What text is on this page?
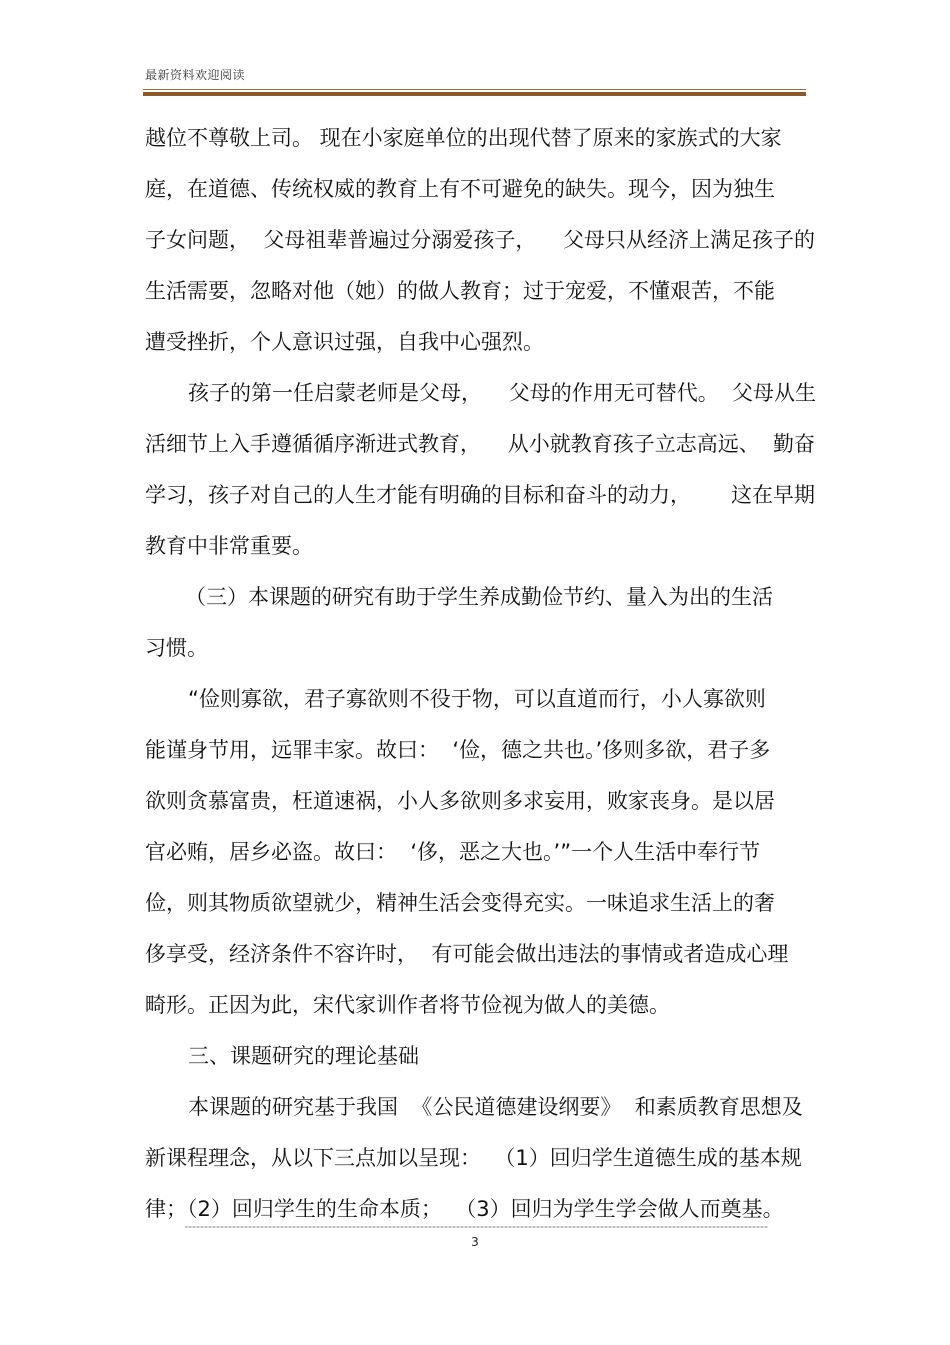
最新资料欢迎阅读
越位不尊敬上司。 现在小家庭单位的出现代替了原来的家族式的大家
庭，在道德、传统权威的教育上有不可避免的缺失。现今，因为独生
子女问题，  父母祖辈普遍过分溺爱孩子，    父母只从经济上满足孩子的
生活需要，忽略对他（她）的做人教育；过于宠爱，不懂艰苦，不能
遭受挫折，个人意识过强，自我中心强烈。
孩子的第一任启蒙老师是父母，    父母的作用无可替代。  父母从生
活细节上入手遵循循序渐进式教育，    从小就教育孩子立志高远、  勤奋
学习，孩子对自己的人生才能有明确的目标和奋斗的动力，      这在早期
教育中非常重要。
（三）本课题的研究有助于学生养成勤俭节约、量入为出的生活
习惯。
“俭则寡欲，君子寡欲则不役于物，可以直道而行，小人寡欲则
能谨身节用，远罪丰家。故曰：  ‘俭，德之共也。’侈则多欲，君子多
欲则贪慕富贵，枉道速祸，小人多欲则多求妄用，败家丧身。是以居
官必贿，居乡必盗。故曰：  ‘侈，恶之大也。’”一个人生活中奉行节
俭，则其物质欲望就少，精神生活会变得充实。一味追求生活上的奢
侈享受，经济条件不容许时，  有可能会做出违法的事情或者造成心理
畸形。正因为此，宋代家训作者将节俭视为做人的美德。
三、课题研究的理论基础
本课题的研究基于我国  《公民道德建设纲要》  和素质教育思想及
新课程理念，从以下三点加以呈现：  （1）回归学生道德生成的基本规
律；（2）回归学生的生命本质；  （3）回归为学生学会做人而奠基。
3
